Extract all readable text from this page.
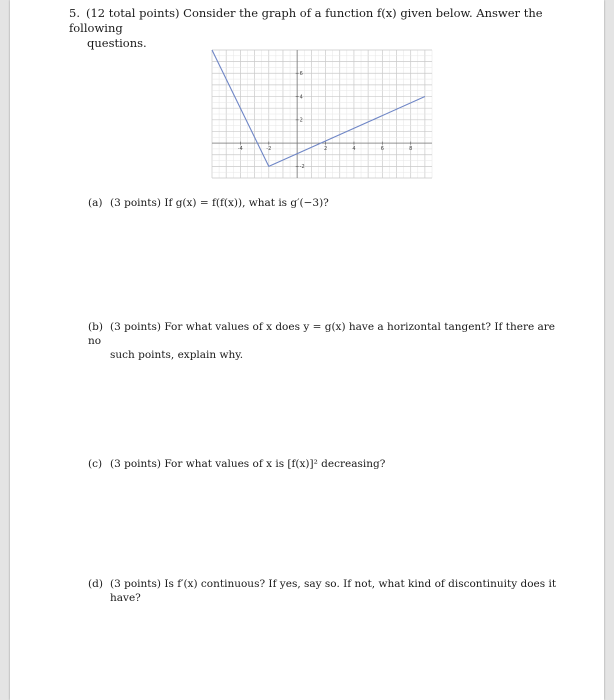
5. (12 total points) Consider the graph of a function f(x) given below. Answer the following
questions.
-4	-2	2	4	6	8
6
4
2
-2
(a) (3 points) If g(x) = f(f(x)), what is g′(−3)?
(b) (3 points) For what values of x does y = g(x) have a horizontal tangent? If there are no
such points, explain why.
(c) (3 points) For what values of x is [f(x)]² decreasing?
(d) (3 points) Is f′(x) continuous? If yes, say so. If not, what kind of discontinuity does it
have?
